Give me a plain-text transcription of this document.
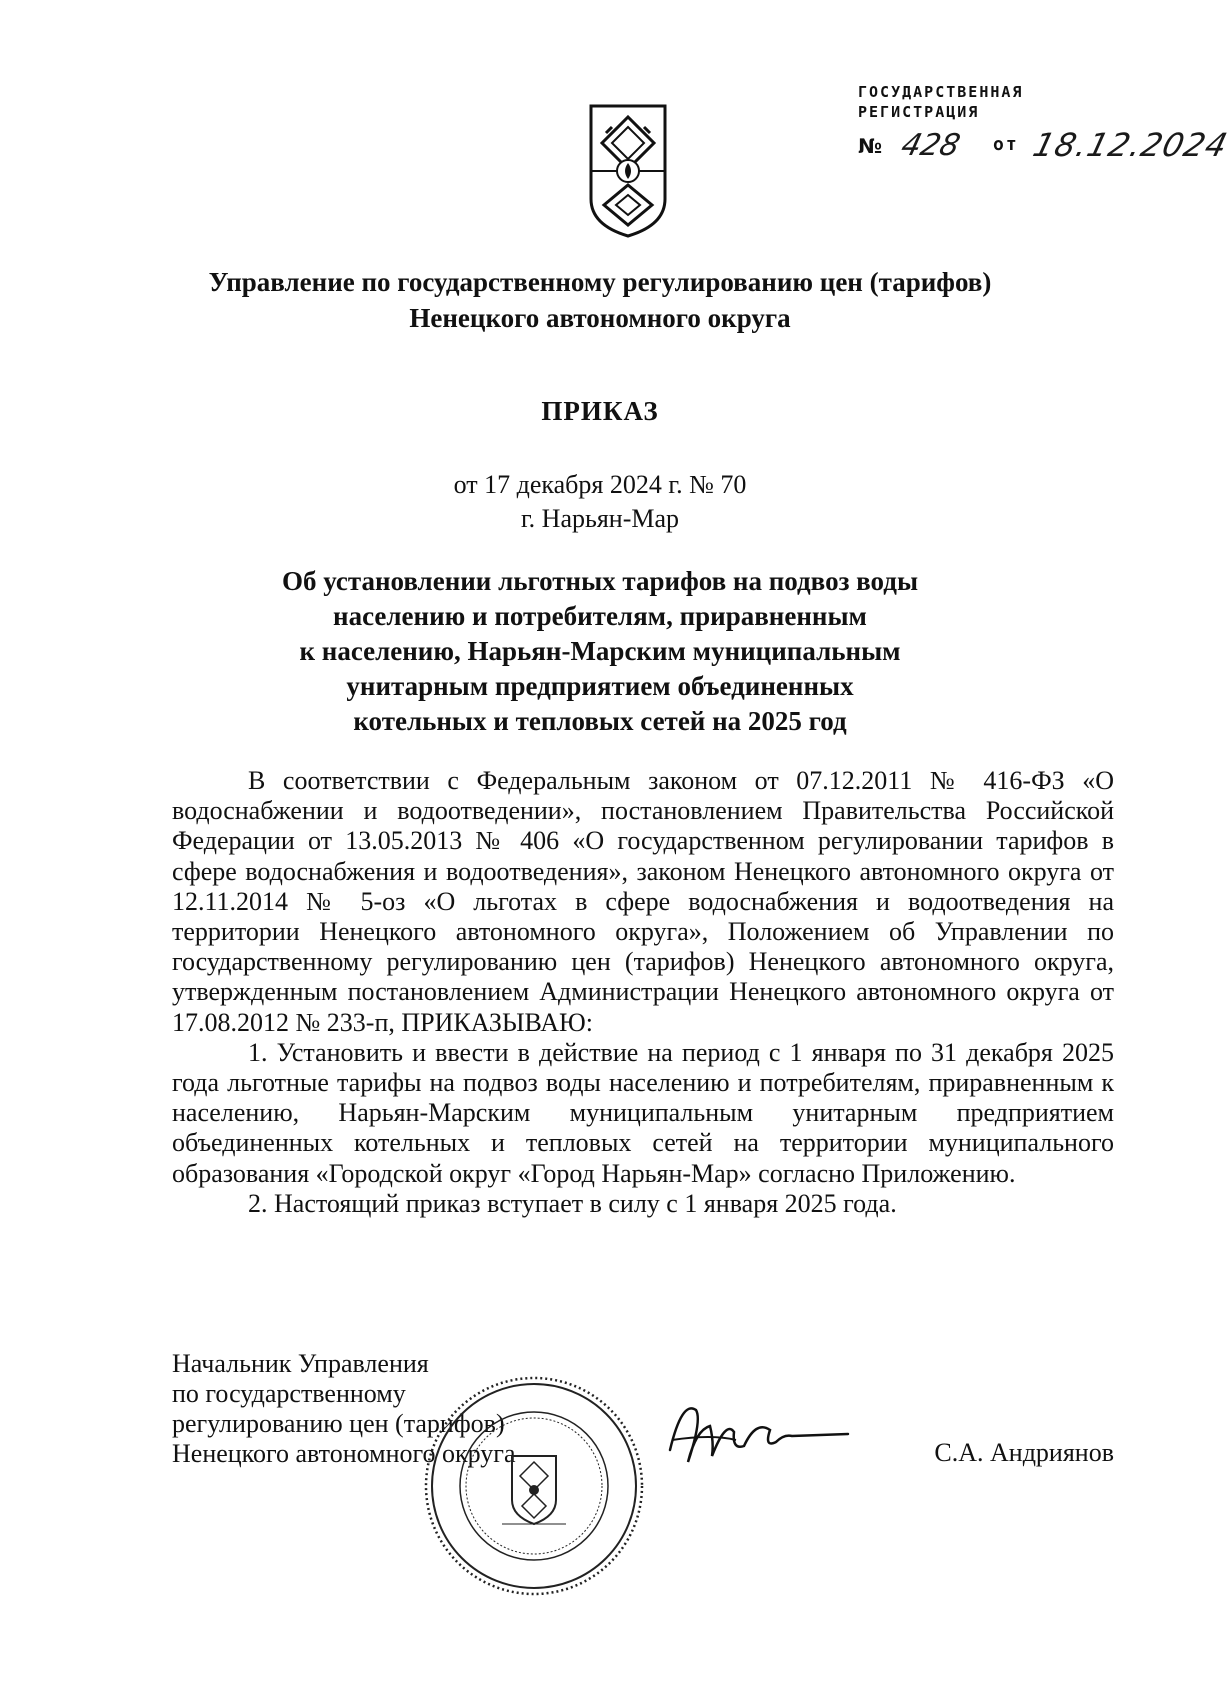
ГОСУДАРСТВЕННАЯ
РЕГИСТРАЦИЯ
№ 428 от 18.12.2024
Управление по государственному регулированию цен (тарифов)
Ненецкого автономного округа
ПРИКАЗ
от 17 декабря 2024 г. № 70
г. Нарьян-Мар
Об установлении льготных тарифов на подвоз воды
населению и потребителям, приравненным
к населению, Нарьян-Марским муниципальным
унитарным предприятием объединенных
котельных и тепловых сетей на 2025 год

В соответствии с Федеральным законом от 07.12.2011 № 416-ФЗ «О водоснабжении и водоотведении», постановлением Правительства Российской Федерации от 13.05.2013 № 406 «О государственном регулировании тарифов в сфере водоснабжения и водоотведения», законом Ненецкого автономного округа от 12.11.2014 № 5-оз «О льготах в сфере водоснабжения и водоотведения на территории Ненецкого автономного округа», Положением об Управлении по государственному регулированию цен (тарифов) Ненецкого автономного округа, утвержденным постановлением Администрации Ненецкого автономного округа от 17.08.2012 № 233-п, ПРИКАЗЫВАЮ:

1. Установить и ввести в действие на период с 1 января по 31 декабря 2025 года льготные тарифы на подвоз воды населению и потребителям, приравненным к населению, Нарьян-Марским муниципальным унитарным предприятием объединенных котельных и тепловых сетей на территории муниципального образования «Городской округ «Город Нарьян-Мар» согласно Приложению.

2. Настоящий приказ вступает в силу с 1 января 2025 года.

Начальник Управления
по государственному
регулированию цен (тарифов)
Ненецкого автономного округа	С.А. Андриянов
